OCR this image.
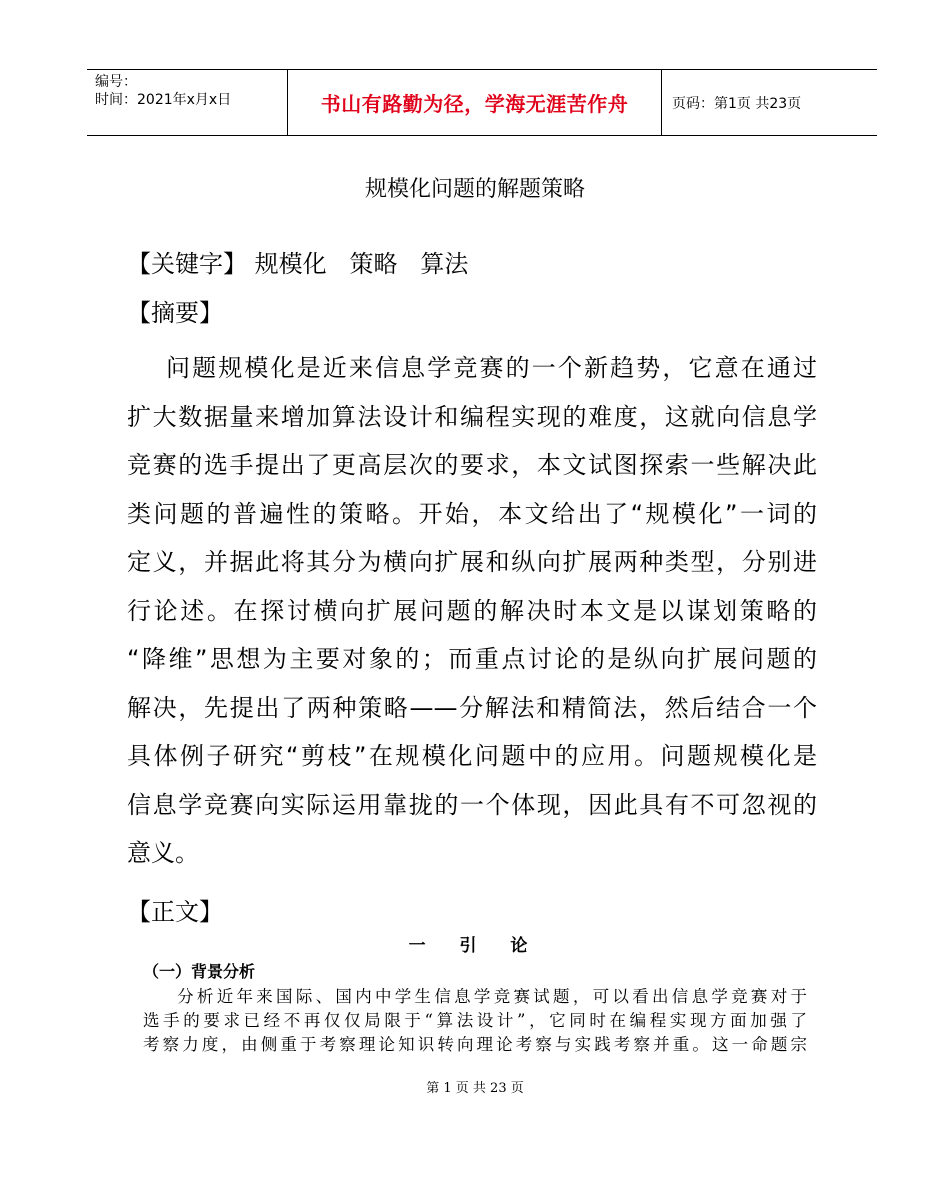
编号：
时间：2021年x月x日	书山有路勤为径，学海无涯苦作舟	页码：第1页 共23页
规模化问题的解题策略
【关键字】 规模化   策略   算法
【摘要】
问题规模化是近来信息学竞赛的一个新趋势，它意在通过
扩大数据量来增加算法设计和编程实现的难度，这就向信息学
竞赛的选手提出了更高层次的要求，本文试图探索一些解决此
类问题的普遍性的策略。开始，本文给出了“规模化”一词的
定义，并据此将其分为横向扩展和纵向扩展两种类型，分别进
行论述。在探讨横向扩展问题的解决时本文是以谋划策略的
“降维”思想为主要对象的；而重点讨论的是纵向扩展问题的
解决，先提出了两种策略——分解法和精简法，然后结合一个
具体例子研究“剪枝”在规模化问题中的应用。问题规模化是
信息学竞赛向实际运用靠拢的一个体现，因此具有不可忽视的
意义。
【正文】
一 引 论
（一）背景分析
分析近年来国际、国内中学生信息学竞赛试题，可以看出信息学竞赛对于
选手的要求已经不再仅仅局限于“算法设计”，它同时在编程实现方面加强了
考察力度，由侧重于考察理论知识转向理论考察与实践考察并重。这一命题宗
第 1 页 共 23 页
